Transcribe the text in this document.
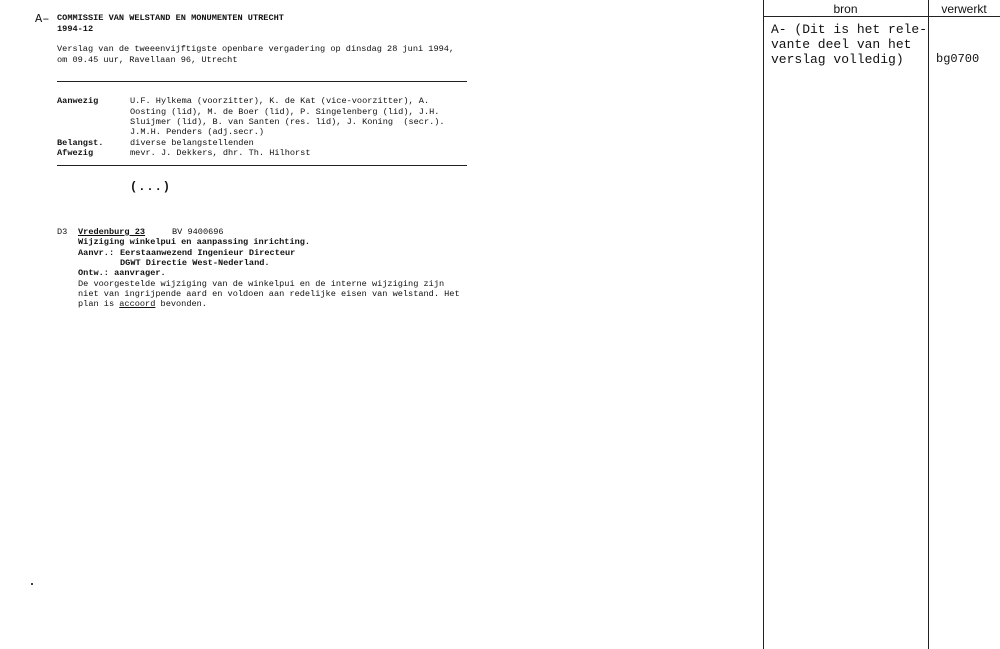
A– COMMISSIE VAN WELSTAND EN MONUMENTEN UTRECHT
1994-12
Verslag van de tweeenvijftigste openbare vergadering op dinsdag 28 juni 1994,
om 09.45 uur, Ravellaan 96, Utrecht
Aanwezig	U.F. Hylkema (voorzitter), K. de Kat (vice-voorzitter), A.
Oosting (lid), M. de Boer (lid), P. Singelenberg (lid), J.H.
Sluijmer (lid), B. van Santen (res. lid), J. Koning  (secr.).
J.M.H. Penders (adj.secr.)
Belangst.	diverse belangstellenden
Afwezig	mevr. J. Dekkers, dhr. Th. Hilhorst
(...)
D3 Vredenburg 23	BV 9400696
Wijziging winkelpui en aanpassing inrichting.
Aanvr.: Eerstaanwezend Ingenieur Directeur
DGWT Directie West-Nederland.
Ontw.: aanvrager.
De voorgestelde wijziging van de winkelpui en de interne wijziging zijn
niet van ingrijpende aard en voldoen aan redelijke eisen van welstand. Het
plan is accoord bevonden.
bron	verwerkt
A- (Dit is het rele-
vante deel van het
verslag volledig)	bg0700
